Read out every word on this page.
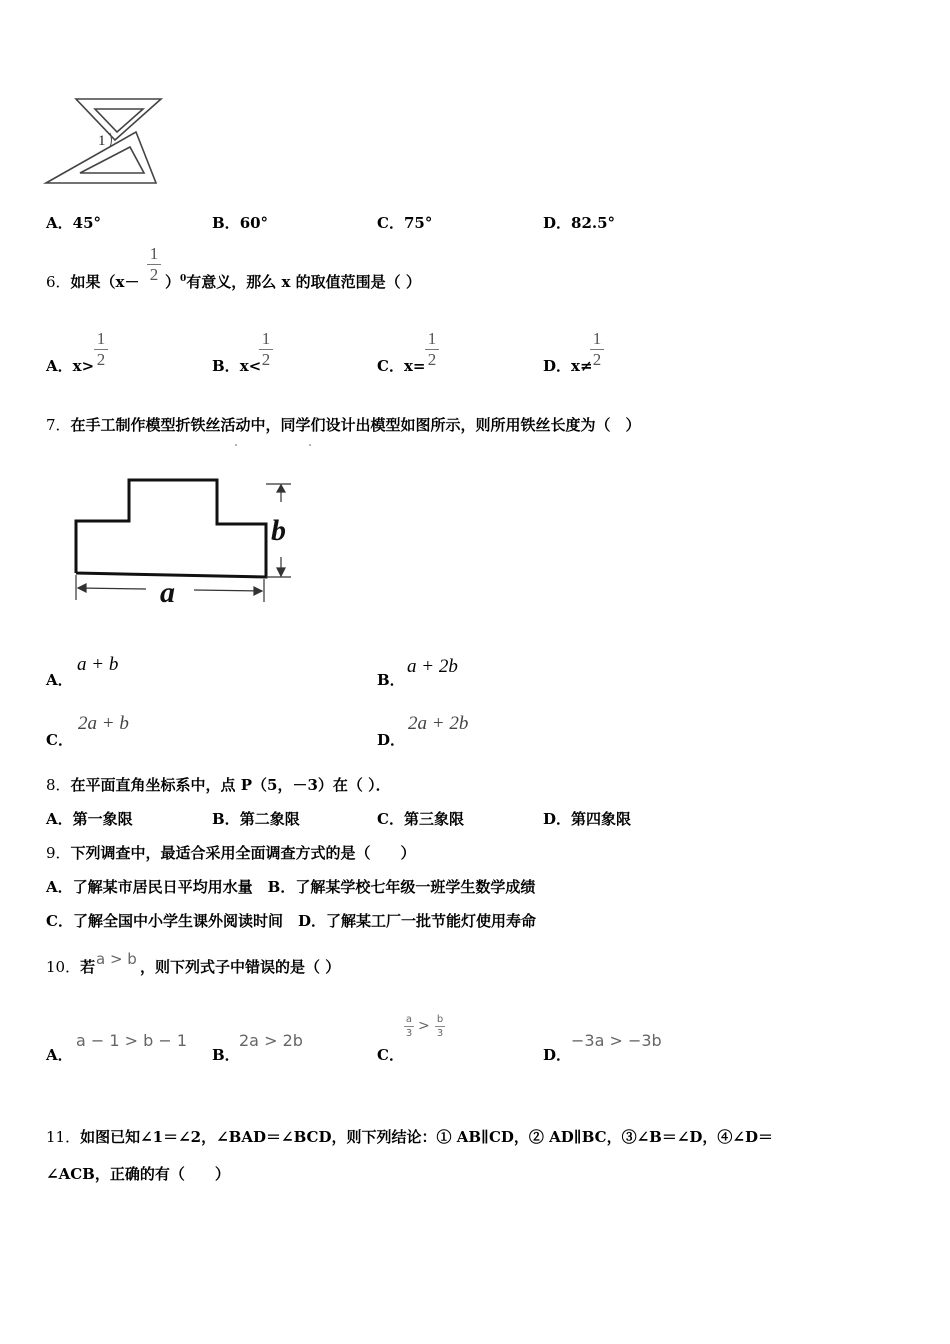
1
A．45°	B．60°	C．75°	D．82.5°
6．如果（x－
1
2 ）$^0$有意义，那么 x 的取值范围是（ ）
A．x>
1
2	B．x<
1
2	C．x=
1
2	D．x≠
1
2
7．在手工制作模型折铁丝活动中，同学们设计出模型如图所示，则所用铁丝长度为（　）
b
a
A．
a + b
B．
a + 2b
C．
2a + b
D．
2a + 2b
8．在平面直角坐标系中，点 P（5，－3）在（ ）．
A．第一象限	B．第二象限	C．第三象限	D．第四象限
9．下列调查中，最适合采用全面调查方式的是（　　）
A．了解某市居民日平均用水量　B．了解某学校七年级一班学生数学成绩
C．了解全国中小学生课外阅读时间　D．了解某工厂一批节能灯使用寿命
10．若 a > b ，则下列式子中错误的是（ ）
A．
a − 1 > b − 1
B．
2a > 2b
C．
a
3 > b
3
D．
−3a > −3b
11．如图已知∠1＝∠2，∠BAD＝∠BCD，则下列结论：① AB∥CD，② AD∥BC，③∠B＝∠D，④∠D＝
∠ACB，正确的有（　　）
